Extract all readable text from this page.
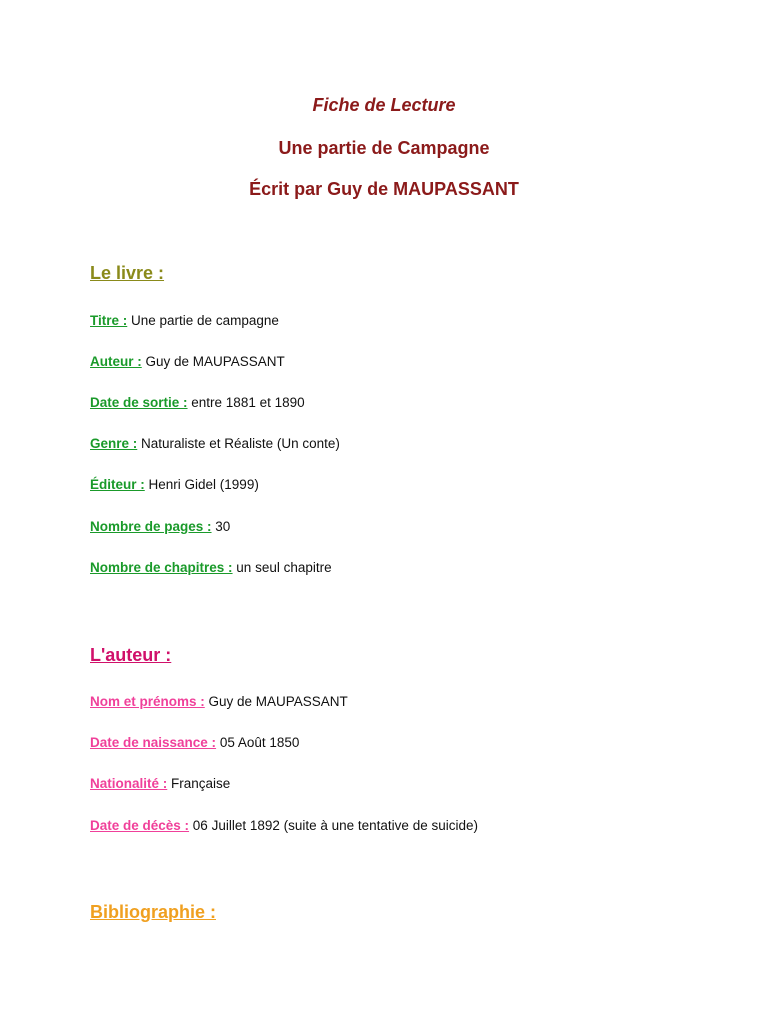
Fiche de Lecture
Une partie de Campagne
Écrit par Guy de MAUPASSANT
Le livre :
Titre : Une partie de campagne
Auteur : Guy de MAUPASSANT
Date de sortie : entre 1881 et 1890
Genre : Naturaliste et Réaliste (Un conte)
Éditeur : Henri Gidel (1999)
Nombre de pages : 30
Nombre de chapitres : un seul chapitre
L'auteur :
Nom et prénoms : Guy de MAUPASSANT
Date de naissance : 05 Août 1850
Nationalité : Française
Date de décès : 06 Juillet 1892 (suite à une tentative de suicide)
Bibliographie :
